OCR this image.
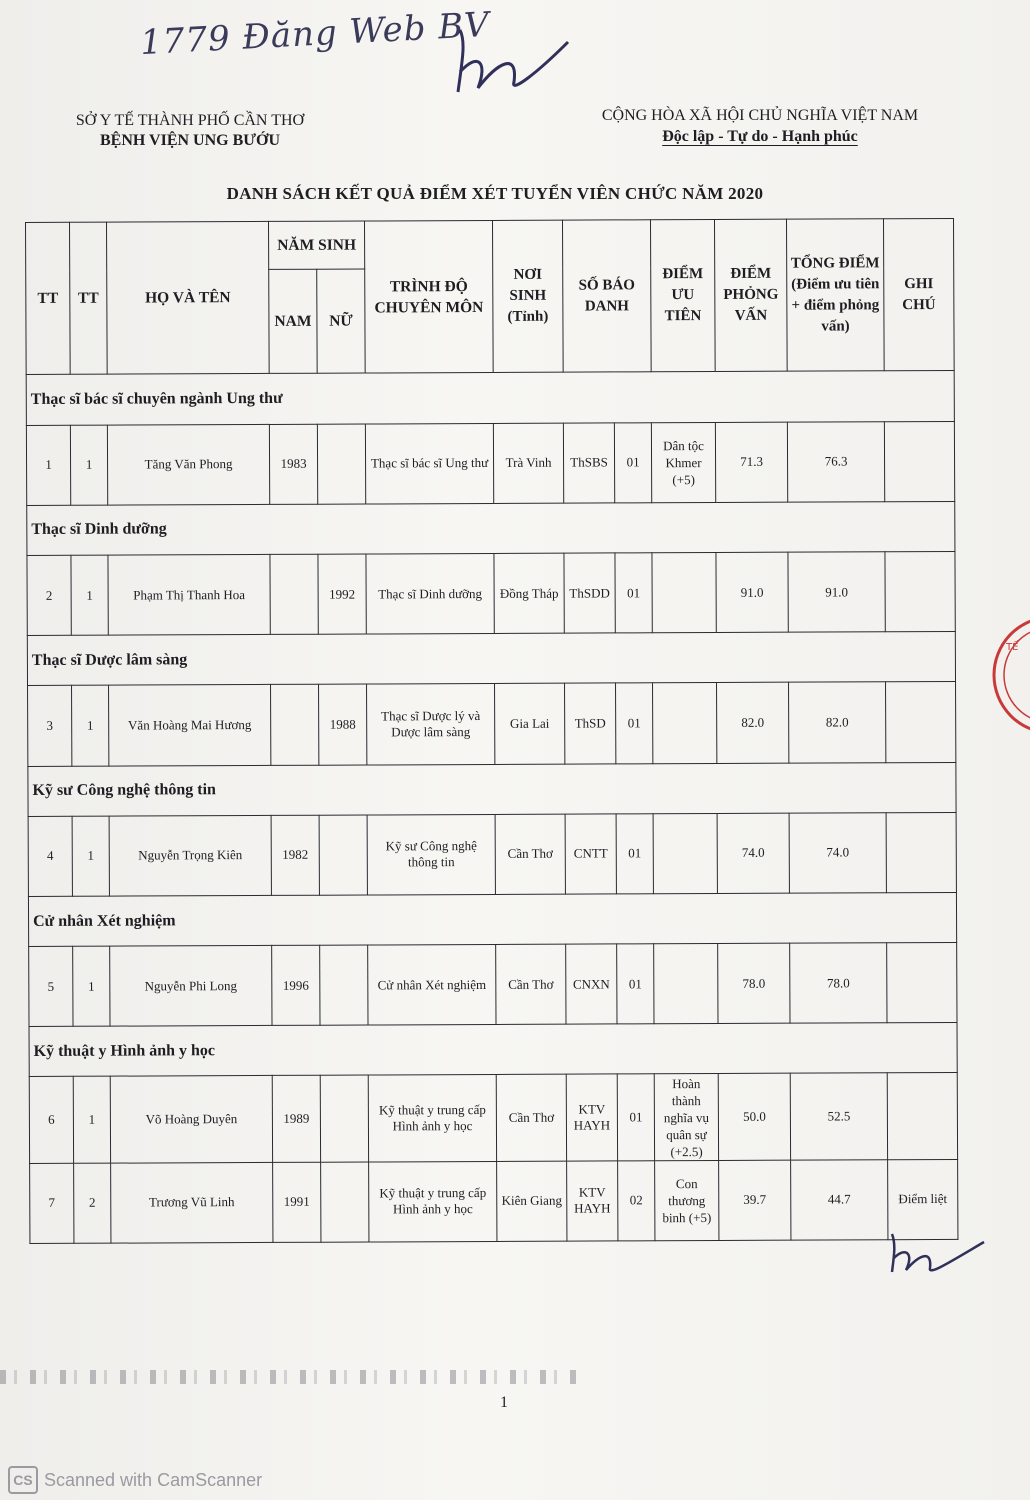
1779 Đăng Web BV
TẾ
SỞ Y TẾ THÀNH PHỐ CẦN THƠ
BỆNH VIỆN UNG BƯỚU
CỘNG HÒA XÃ HỘI CHỦ NGHĨA VIỆT NAM
Độc lập - Tự do - Hạnh phúc
DANH SÁCH KẾT QUẢ ĐIỂM XÉT TUYỂN VIÊN CHỨC NĂM 2020
TT	TT	HỌ VÀ TÊN	NĂM SINH		TRÌNH ĐỘ CHUYÊN MÔN	NƠI SINH (Tỉnh)	SỐ BÁO DANH		ĐIỂM ƯU TIÊN	ĐIỂM PHỎNG VẤN	TỔNG ĐIỂM (Điểm ưu tiên + điểm phỏng vấn)	GHI CHÚ
			NAM	NỮ								
Thạc sĩ bác sĩ chuyên ngành Ung thư												
1	1	Tăng Văn Phong	1983		Thạc sĩ bác sĩ Ung thư	Trà Vinh	ThSBS	01	Dân tộc Khmer (+5)	71.3	76.3	
Thạc sĩ Dinh dưỡng												
2	1	Phạm Thị Thanh Hoa		1992	Thạc sĩ Dinh dưỡng	Đồng Tháp	ThSDD	01		91.0	91.0	
Thạc sĩ Dược lâm sàng												
3	1	Văn Hoàng Mai Hương		1988	Thạc sĩ Dược lý và Dược lâm sàng	Gia Lai	ThSD	01		82.0	82.0	
Kỹ sư Công nghệ thông tin												
4	1	Nguyễn Trọng Kiên	1982		Kỹ sư Công nghệ thông tin	Cần Thơ	CNTT	01		74.0	74.0	
Cử nhân Xét nghiệm												
5	1	Nguyễn Phi Long	1996		Cử nhân Xét nghiệm	Cần Thơ	CNXN	01		78.0	78.0	
Kỹ thuật y Hình ảnh y học												
6	1	Võ Hoàng Duyên	1989		Kỹ thuật y trung cấp Hình ảnh y học	Cần Thơ	KTV HAYH	01	Hoàn thành nghĩa vụ quân sự (+2.5)	50.0	52.5	
7	2	Trương Vũ Linh	1991		Kỹ thuật y trung cấp Hình ảnh y học	Kiên Giang	KTV HAYH	02	Con thương binh (+5)	39.7	44.7	Điểm liệt
1
CS Scanned with CamScanner
